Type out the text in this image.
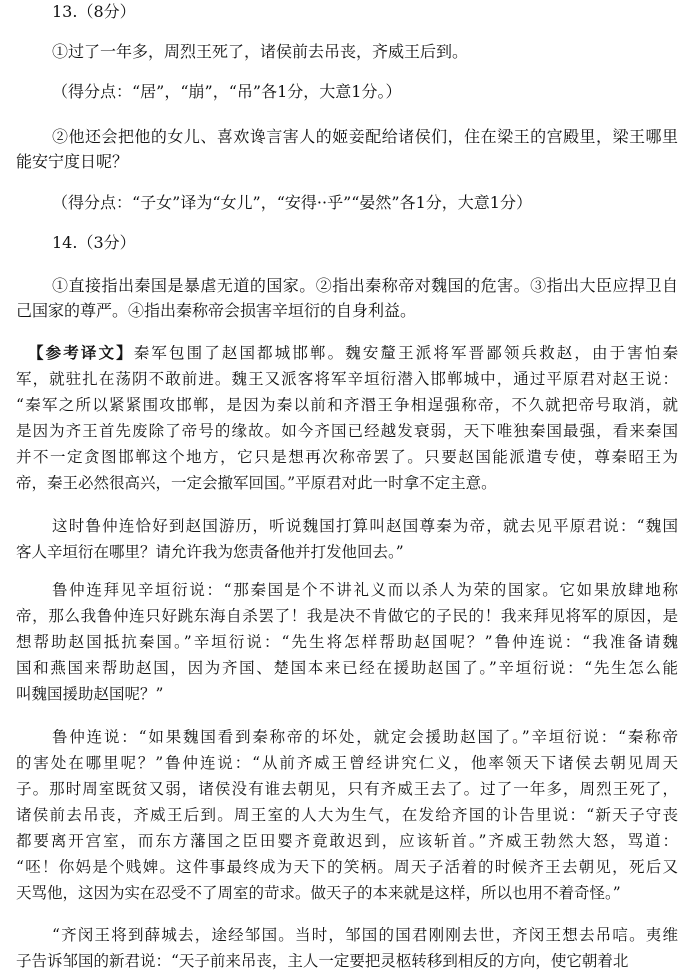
13.（8分）
①过了一年多，周烈王死了，诸侯前去吊丧，齐威王后到。
（得分点：“居”，“崩”，“吊”各1分，大意1分。）
②他还会把他的女儿、喜欢谗言害人的姬妾配给诸侯们，住在梁王的宫殿里，梁王哪里
能安宁度日呢？
（得分点：“子女”译为“女儿”，“安得··乎”“晏然”各1分，大意1分）
14.（3分）
①直接指出秦国是暴虐无道的国家。②指出秦称帝对魏国的危害。③指出大臣应捍卫自
己国家的尊严。④指出秦称帝会损害辛垣衍的自身利益。
【参考译文】秦军包围了赵国都城邯郸。魏安釐王派将军晋鄙领兵救赵，由于害怕秦
军，就驻扎在荡阴不敢前进。魏王又派客将军辛垣衍潜入邯郸城中，通过平原君对赵王说：
“秦军之所以紧紧围攻邯郸，是因为秦以前和齐湣王争相逞强称帝，不久就把帝号取消，就
是因为齐王首先废除了帝号的缘故。如今齐国已经越发衰弱，天下唯独秦国最强，看来秦国
并不一定贪图邯郸这个地方，它只是想再次称帝罢了。只要赵国能派遣专使，尊秦昭王为
帝，秦王必然很高兴，一定会撤军回国。”平原君对此一时拿不定主意。
这时鲁仲连恰好到赵国游历，听说魏国打算叫赵国尊秦为帝，就去见平原君说：“魏国
客人辛垣衍在哪里？请允许我为您责备他并打发他回去。”
鲁仲连拜见辛垣衍说：“那秦国是个不讲礼义而以杀人为荣的国家。它如果放肆地称
帝，那么我鲁仲连只好跳东海自杀罢了！我是决不肯做它的子民的！我来拜见将军的原因，是
想帮助赵国抵抗秦国。”辛垣衍说：“先生将怎样帮助赵国呢？”鲁仲连说：“我准备请魏
国和燕国来帮助赵国，因为齐国、楚国本来已经在援助赵国了。”辛垣衍说：“先生怎么能
叫魏国援助赵国呢？”
鲁仲连说：“如果魏国看到秦称帝的坏处，就定会援助赵国了。”辛垣衍说：“秦称帝
的害处在哪里呢？”鲁仲连说：“从前齐威王曾经讲究仁义，他率领天下诸侯去朝见周天
子。那时周室既贫又弱，诸侯没有谁去朝见，只有齐威王去了。过了一年多，周烈王死了，
诸侯前去吊丧，齐威王后到。周王室的人大为生气，在发给齐国的讣告里说：“新天子守丧
都要离开宫室，而东方藩国之臣田婴齐竟敢迟到，应该斩首。”齐威王勃然大怒，骂道：
“呸！你妈是个贱婢。这件事最终成为天下的笑柄。周天子活着的时候齐王去朝见，死后又
天骂他，这因为实在忍受不了周室的苛求。做天子的本来就是这样，所以也用不着奇怪。”
“齐闵王将到薛城去，途经邹国。当时，邹国的国君刚刚去世，齐闵王想去吊唁。夷维
子告诉邹国的新君说：“天子前来吊丧，主人一定要把灵柩转移到相反的方向，使它朝着北
